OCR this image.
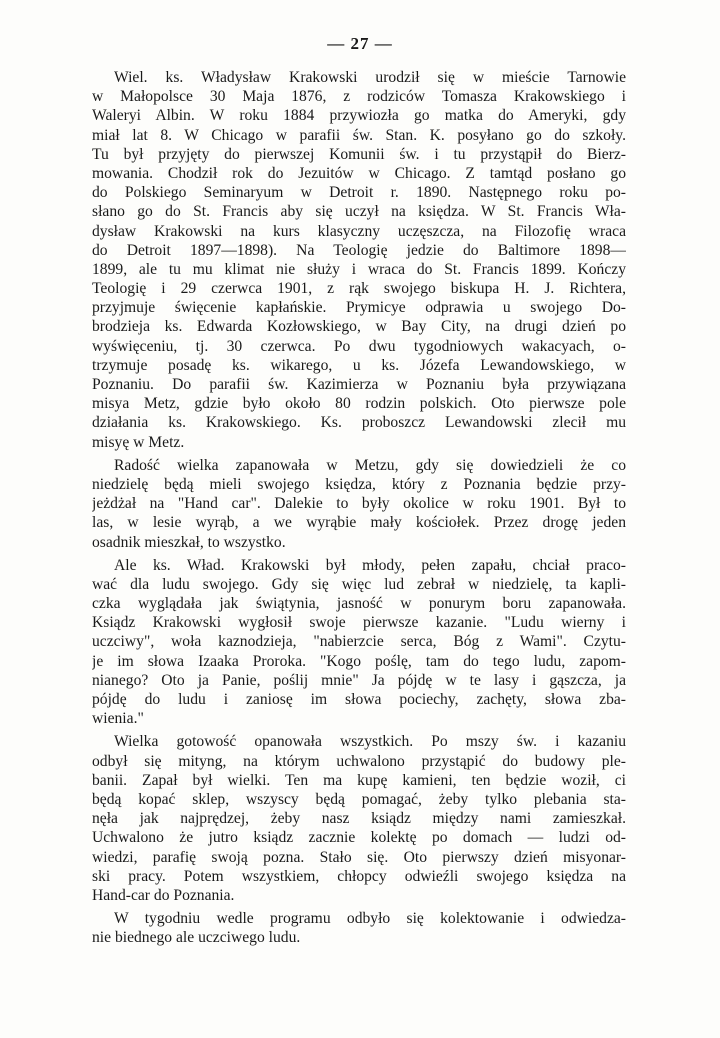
— 27 —
Wiel. ks. Władysław Krakowski urodził się w mieście Tarnowie
w Małopolsce 30 Maja 1876, z rodziców Tomasza Krakowskiego i
Waleryi Albin. W roku 1884 przywiozła go matka do Ameryki, gdy
miał lat 8. W Chicago w parafii św. Stan. K. posyłano go do szkoły.
Tu był przyjęty do pierwszej Komunii św. i tu przystąpił do Bierz-
mowania. Chodził rok do Jezuitów w Chicago. Z tamtąd posłano go
do Polskiego Seminaryum w Detroit r. 1890. Następnego roku po-
słano go do St. Francis aby się uczył na księdza. W St. Francis Wła-
dysław Krakowski na kurs klasyczny uczęszcza, na Filozofię wraca
do Detroit 1897—1898). Na Teologię jedzie do Baltimore 1898—
1899, ale tu mu klimat nie służy i wraca do St. Francis 1899. Kończy
Teologię i 29 czerwca 1901, z rąk swojego biskupa H. J. Richtera,
przyjmuje święcenie kapłańskie. Prymicye odprawia u swojego Do-
brodzieja ks. Edwarda Kozłowskiego, w Bay City, na drugi dzień po
wyświęceniu, tj. 30 czerwca. Po dwu tygodniowych wakacyach, o-
trzymuje posadę ks. wikarego, u ks. Józefa Lewandowskiego, w
Poznaniu. Do parafii św. Kazimierza w Poznaniu była przywiązana
misya Metz, gdzie było około 80 rodzin polskich. Oto pierwsze pole
działania ks. Krakowskiego. Ks. proboszcz Lewandowski zlecił mu
misyę w Metz.
Radość wielka zapanowała w Metzu, gdy się dowiedzieli że co
niedzielę będą mieli swojego księdza, który z Poznania będzie przy-
jeżdżał na "Hand car". Dalekie to były okolice w roku 1901. Był to
las, w lesie wyrąb, a we wyrąbie mały kościołek. Przez drogę jeden
osadnik mieszkał, to wszystko.
Ale ks. Wład. Krakowski był młody, pełen zapału, chciał praco-
wać dla ludu swojego. Gdy się więc lud zebrał w niedzielę, ta kapli-
czka wyglądała jak świątynia, jasność w ponurym boru zapanowała.
Ksiądz Krakowski wygłosił swoje pierwsze kazanie. "Ludu wierny i
uczciwy", woła kaznodzieja, "nabierzcie serca, Bóg z Wami". Czytu-
je im słowa Izaaka Proroka. "Kogo poślę, tam do tego ludu, zapom-
nianego? Oto ja Panie, poślij mnie" Ja pójdę w te lasy i gąszcza, ja
pójdę do ludu i zaniosę im słowa pociechy, zachęty, słowa zba-
wienia."
Wielka gotowość opanowała wszystkich. Po mszy św. i kazaniu
odbył się mityng, na którym uchwalono przystąpić do budowy ple-
banii. Zapał był wielki. Ten ma kupę kamieni, ten będzie woził, ci
będą kopać sklep, wszyscy będą pomagać, żeby tylko plebania sta-
nęła jak najprędzej, żeby nasz ksiądz między nami zamieszkał.
Uchwalono że jutro ksiądz zacznie kolektę po domach — ludzi od-
wiedzi, parafię swoją pozna. Stało się. Oto pierwszy dzień misyonar-
ski pracy. Potem wszystkiem, chłopcy odwieźli swojego księdza na
Hand-car do Poznania.
W tygodniu wedle programu odbyło się kolektowanie i odwiedza-
nie biednego ale uczciwego ludu.
